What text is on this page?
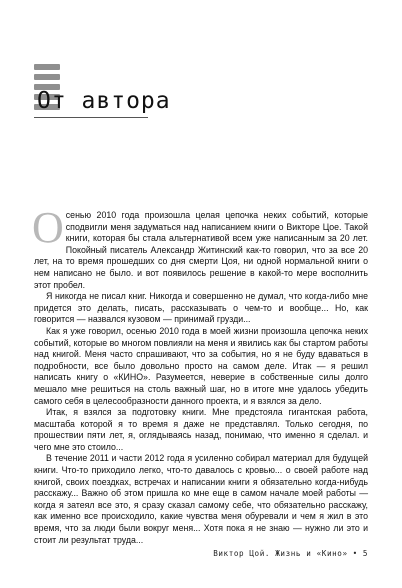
От автора

Осенью 2010 года произошла целая цепочка неких событий, которые сподвигли меня задуматься над написанием книги о Викторе Цое. Такой книги, которая бы стала альтернативой всем уже написанным за 20 лет. Покойный писатель Александр Житинский как-то говорил, что за все 20 лет, на то время прошедших со дня смерти Цоя, ни одной нормальной книги о нем написано не было. и вот появилось решение в какой-то мере восполнить этот пробел.

Я никогда не писал книг. Никогда и совершенно не думал, что когда-либо мне придется это делать, писать, рассказывать о чем-то и вообще... Но, как говорится — назвался кузовом — принимай грузди...

Как я уже говорил, осенью 2010 года в моей жизни произошла цепочка неких событий, которые во многом повлияли на меня и явились как бы стартом работы над книгой. Меня часто спрашивают, что за события, но я не буду вдаваться в подробности, все было довольно просто на самом деле. Итак — я решил написать книгу о «КИНО». Разумеется, неверие в собственные силы долго мешало мне решиться на столь важный шаг, но в итоге мне удалось убедить самого себя в целесообразности данного проекта, и я взялся за дело.

Итак, я взялся за подготовку книги. Мне предстояла гигантская работа, масштаба которой я то время я даже не представлял. Только сегодня, по прошествии пяти лет, я, оглядываясь назад, понимаю, что именно я сделал. и чего мне это стоило...

В течение 2011 и части 2012 года я усиленно собирал материал для будущей книги. Что-то приходило легко, что-то давалось с кровью... о своей работе над книгой, своих поездках, встречах и написании книги я обязательно когда-нибудь расскажу... Важно об этом пришла ко мне еще в самом начале моей работы — когда я затеял все это, я сразу сказал самому себе, что обязательно расскажу, как именно все происходило, какие чувства меня обуревали и чем я жил в это время, что за люди были вокруг меня... Хотя пока я не знаю — нужно ли это и стоит ли результат труда...

Виктор Цой. Жизнь и «Кино» • 5
